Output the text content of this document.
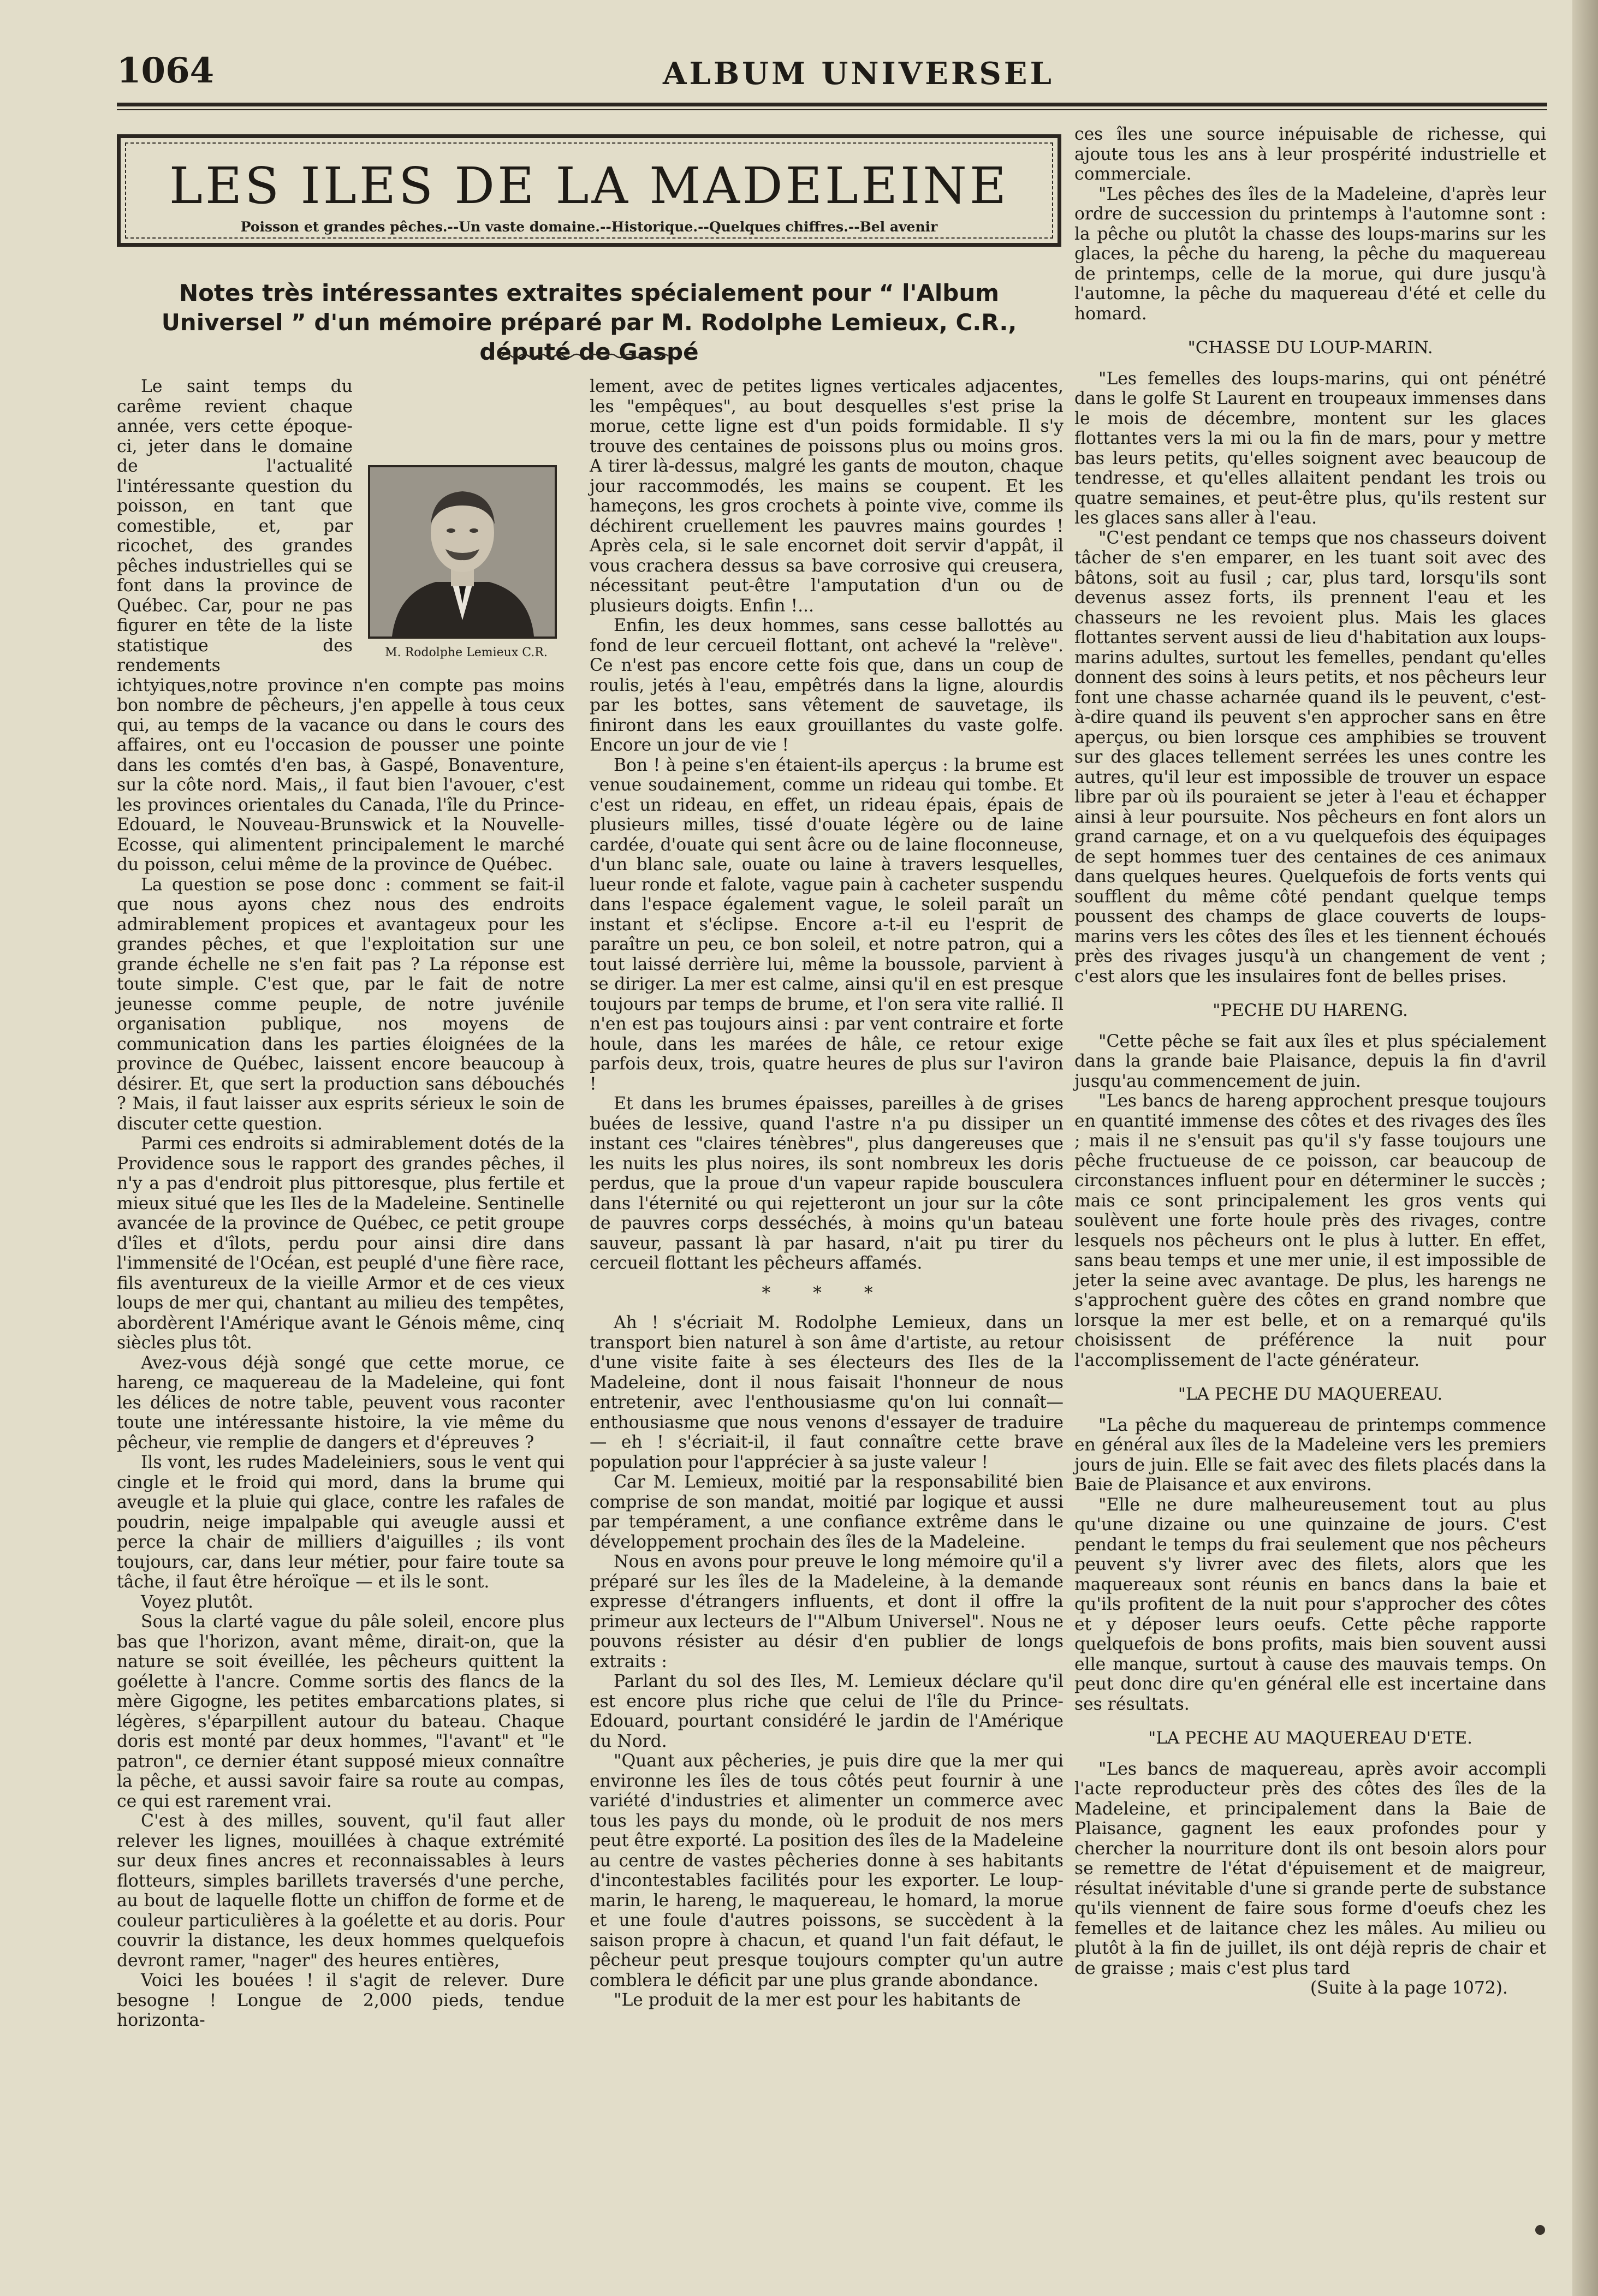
1064	ALBUM UNIVERSEL
LES ILES DE LA MADELEINE
Poisson et grandes pêches.--Un vaste domaine.--Historique.--Quelques chiffres.--Bel avenir
Notes très intéressantes extraites spécialement pour “ l'Album Universel ” d'un mémoire préparé par M. Rodolphe Lemieux, C.R., député de Gaspé
M. Rodolphe Lemieux C.R.

Le saint temps du carême revient chaque année, vers cette époque-ci, jeter dans le domaine de l'actualité l'intéressante question du poisson, en tant que comestible, et, par ricochet, des grandes pêches industrielles qui se font dans la province de Québec. Car, pour ne pas figurer en tête de la liste statistique des rendements ichtyiques,notre province n'en compte pas moins bon nombre de pêcheurs, j'en appelle à tous ceux qui, au temps de la vacance ou dans le cours des affaires, ont eu l'occasion de pousser une pointe dans les comtés d'en bas, à Gaspé, Bonaventure, sur la côte nord. Mais,, il faut bien l'avouer, c'est les provinces orientales du Canada, l'île du Prince-Edouard, le Nouveau-Brunswick et la Nouvelle-Ecosse, qui alimentent principalement le marché du poisson, celui même de la province de Québec.

La question se pose donc : comment se fait-il que nous ayons chez nous des endroits admirablement propices et avantageux pour les grandes pêches, et que l'exploitation sur une grande échelle ne s'en fait pas ? La réponse est toute simple. C'est que, par le fait de notre jeunesse comme peuple, de notre juvénile organisation publique, nos moyens de communication dans les parties éloignées de la province de Québec, laissent encore beaucoup à désirer. Et, que sert la production sans débouchés ? Mais, il faut laisser aux esprits sérieux le soin de discuter cette question.

Parmi ces endroits si admirablement dotés de la Providence sous le rapport des grandes pêches, il n'y a pas d'endroit plus pittoresque, plus fertile et mieux situé que les Iles de la Madeleine. Sentinelle avancée de la province de Québec, ce petit groupe d'îles et d'îlots, perdu pour ainsi dire dans l'immensité de l'Océan, est peuplé d'une fière race, fils aventureux de la vieille Armor et de ces vieux loups de mer qui, chantant au milieu des tempêtes, abordèrent l'Amérique avant le Génois même, cinq siècles plus tôt.

Avez-vous déjà songé que cette morue, ce hareng, ce maquereau de la Madeleine, qui font les délices de notre table, peuvent vous raconter toute une intéressante histoire, la vie même du pêcheur, vie remplie de dangers et d'épreuves ?

Ils vont, les rudes Madeleiniers, sous le vent qui cingle et le froid qui mord, dans la brume qui aveugle et la pluie qui glace, contre les rafales de poudrin, neige impalpable qui aveugle aussi et perce la chair de milliers d'aiguilles ; ils vont toujours, car, dans leur métier, pour faire toute sa tâche, il faut être héroïque — et ils le sont.

Voyez plutôt.

Sous la clarté vague du pâle soleil, encore plus bas que l'horizon, avant même, dirait-on, que la nature se soit éveillée, les pêcheurs quittent la goélette à l'ancre. Comme sortis des flancs de la mère Gigogne, les petites embarcations plates, si légères, s'éparpillent autour du bateau. Chaque doris est monté par deux hommes, "l'avant" et "le patron", ce dernier étant supposé mieux connaître la pêche, et aussi savoir faire sa route au compas, ce qui est rarement vrai.

C'est à des milles, souvent, qu'il faut aller relever les lignes, mouillées à chaque extrémité sur deux fines ancres et reconnaissables à leurs flotteurs, simples barillets traversés d'une perche, au bout de laquelle flotte un chiffon de forme et de couleur particulières à la goélette et au doris. Pour couvrir la distance, les deux hommes quelquefois devront ramer, "nager" des heures entières,

Voici les bouées ! il s'agit de relever. Dure besogne ! Longue de 2,000 pieds, tendue horizonta-

lement, avec de petites lignes verticales adjacentes, les "empêques", au bout desquelles s'est prise la morue, cette ligne est d'un poids formidable. Il s'y trouve des centaines de poissons plus ou moins gros. A tirer là-dessus, malgré les gants de mouton, chaque jour raccommodés, les mains se coupent. Et les hameçons, les gros crochets à pointe vive, comme ils déchirent cruellement les pauvres mains gourdes ! Après cela, si le sale encornet doit servir d'appât, il vous crachera dessus sa bave corrosive qui creusera, nécessitant peut-être l'amputation d'un ou de plusieurs doigts. Enfin !...

Enfin, les deux hommes, sans cesse ballottés au fond de leur cercueil flottant, ont achevé la "relève". Ce n'est pas encore cette fois que, dans un coup de roulis, jetés à l'eau, empêtrés dans la ligne, alourdis par les bottes, sans vêtement de sauvetage, ils finiront dans les eaux grouillantes du vaste golfe. Encore un jour de vie !

Bon ! à peine s'en étaient-ils aperçus : la brume est venue soudainement, comme un rideau qui tombe. Et c'est un rideau, en effet, un rideau épais, épais de plusieurs milles, tissé d'ouate légère ou de laine cardée, d'ouate qui sent âcre ou de laine floconneuse, d'un blanc sale, ouate ou laine à travers lesquelles, lueur ronde et falote, vague pain à cacheter suspendu dans l'espace également vague, le soleil paraît un instant et s'éclipse. Encore a-t-il eu l'esprit de paraître un peu, ce bon soleil, et notre patron, qui a tout laissé derrière lui, même la boussole, parvient à se diriger. La mer est calme, ainsi qu'il en est presque toujours par temps de brume, et l'on sera vite rallié. Il n'en est pas toujours ainsi : par vent contraire et forte houle, dans les marées de hâle, ce retour exige parfois deux, trois, quatre heures de plus sur l'aviron !

Et dans les brumes épaisses, pareilles à de grises buées de lessive, quand l'astre n'a pu dissiper un instant ces "claires ténèbres", plus dangereuses que les nuits les plus noires, ils sont nombreux les doris perdus, que la proue d'un vapeur rapide bousculera dans l'éternité ou qui rejetteront un jour sur la côte de pauvres corps desséchés, à moins qu'un bateau sauveur, passant là par hasard, n'ait pu tirer du cercueil flottant les pêcheurs affamés.

* * *

Ah ! s'écriait M. Rodolphe Lemieux, dans un transport bien naturel à son âme d'artiste, au retour d'une visite faite à ses électeurs des Iles de la Madeleine, dont il nous faisait l'honneur de nous entretenir, avec l'enthousiasme qu'on lui connaît—enthousiasme que nous venons d'essayer de traduire — eh ! s'écriait-il, il faut connaître cette brave population pour l'apprécier à sa juste valeur !

Car M. Lemieux, moitié par la responsabilité bien comprise de son mandat, moitié par logique et aussi par tempérament, a une confiance extrême dans le développement prochain des îles de la Madeleine.

Nous en avons pour preuve le long mémoire qu'il a préparé sur les îles de la Madeleine, à la demande expresse d'étrangers influents, et dont il offre la primeur aux lecteurs de l'"Album Universel". Nous ne pouvons résister au désir d'en publier de longs extraits :

Parlant du sol des Iles, M. Lemieux déclare qu'il est encore plus riche que celui de l'île du Prince-Edouard, pourtant considéré le jardin de l'Amérique du Nord.

"Quant aux pêcheries, je puis dire que la mer qui environne les îles de tous côtés peut fournir à une variété d'industries et alimenter un commerce avec tous les pays du monde, où le produit de nos mers peut être exporté. La position des îles de la Madeleine au centre de vastes pêcheries donne à ses habitants d'incontestables facilités pour les exporter. Le loup-marin, le hareng, le maquereau, le homard, la morue et une foule d'autres poissons, se succèdent à la saison propre à chacun, et quand l'un fait défaut, le pêcheur peut presque toujours compter qu'un autre comblera le déficit par une plus grande abondance.

"Le produit de la mer est pour les habitants de

ces îles une source inépuisable de richesse, qui ajoute tous les ans à leur prospérité industrielle et commerciale.

"Les pêches des îles de la Madeleine, d'après leur ordre de succession du printemps à l'automne sont : la pêche ou plutôt la chasse des loups-marins sur les glaces, la pêche du hareng, la pêche du maquereau de printemps, celle de la morue, qui dure jusqu'à l'automne, la pêche du maquereau d'été et celle du homard.

"CHASSE DU LOUP-MARIN.

"Les femelles des loups-marins, qui ont pénétré dans le golfe St Laurent en troupeaux immenses dans le mois de décembre, montent sur les glaces flottantes vers la mi ou la fin de mars, pour y mettre bas leurs petits, qu'elles soignent avec beaucoup de tendresse, et qu'elles allaitent pendant les trois ou quatre semaines, et peut-être plus, qu'ils restent sur les glaces sans aller à l'eau.

"C'est pendant ce temps que nos chasseurs doivent tâcher de s'en emparer, en les tuant soit avec des bâtons, soit au fusil ; car, plus tard, lorsqu'ils sont devenus assez forts, ils prennent l'eau et les chasseurs ne les revoient plus. Mais les glaces flottantes servent aussi de lieu d'habitation aux loups-marins adultes, surtout les femelles, pendant qu'elles donnent des soins à leurs petits, et nos pêcheurs leur font une chasse acharnée quand ils le peuvent, c'est-à-dire quand ils peuvent s'en approcher sans en être aperçus, ou bien lorsque ces amphibies se trouvent sur des glaces tellement serrées les unes contre les autres, qu'il leur est impossible de trouver un espace libre par où ils pouraient se jeter à l'eau et échapper ainsi à leur poursuite. Nos pêcheurs en font alors un grand carnage, et on a vu quelquefois des équipages de sept hommes tuer des centaines de ces animaux dans quelques heures. Quelquefois de forts vents qui soufflent du même côté pendant quelque temps poussent des champs de glace couverts de loups-marins vers les côtes des îles et les tiennent échoués près des rivages jusqu'à un changement de vent ; c'est alors que les insulaires font de belles prises.

"PECHE DU HARENG.

"Cette pêche se fait aux îles et plus spécialement dans la grande baie Plaisance, depuis la fin d'avril jusqu'au commencement de juin.

"Les bancs de hareng approchent presque toujours en quantité immense des côtes et des rivages des îles ; mais il ne s'ensuit pas qu'il s'y fasse toujours une pêche fructueuse de ce poisson, car beaucoup de circonstances influent pour en déterminer le succès ; mais ce sont principalement les gros vents qui soulèvent une forte houle près des rivages, contre lesquels nos pêcheurs ont le plus à lutter. En effet, sans beau temps et une mer unie, il est impossible de jeter la seine avec avantage. De plus, les harengs ne s'approchent guère des côtes en grand nombre que lorsque la mer est belle, et on a remarqué qu'ils choisissent de préférence la nuit pour l'accomplissement de l'acte générateur.

"LA PECHE DU MAQUEREAU.

"La pêche du maquereau de printemps commence en général aux îles de la Madeleine vers les premiers jours de juin. Elle se fait avec des filets placés dans la Baie de Plaisance et aux environs.

"Elle ne dure malheureusement tout au plus qu'une dizaine ou une quinzaine de jours. C'est pendant le temps du frai seulement que nos pêcheurs peuvent s'y livrer avec des filets, alors que les maquereaux sont réunis en bancs dans la baie et qu'ils profitent de la nuit pour s'approcher des côtes et y déposer leurs oeufs. Cette pêche rapporte quelquefois de bons profits, mais bien souvent aussi elle manque, surtout à cause des mauvais temps. On peut donc dire qu'en général elle est incertaine dans ses résultats.

"LA PECHE AU MAQUEREAU D'ETE.

"Les bancs de maquereau, après avoir accompli l'acte reproducteur près des côtes des îles de la Madeleine, et principalement dans la Baie de Plaisance, gagnent les eaux profondes pour y chercher la nourriture dont ils ont besoin alors pour se remettre de l'état d'épuisement et de maigreur, résultat inévitable d'une si grande perte de substance qu'ils viennent de faire sous forme d'oeufs chez les femelles et de laitance chez les mâles. Au milieu ou plutôt à la fin de juillet, ils ont déjà repris de chair et de graisse ; mais c'est plus tard

(Suite à la page 1072).
